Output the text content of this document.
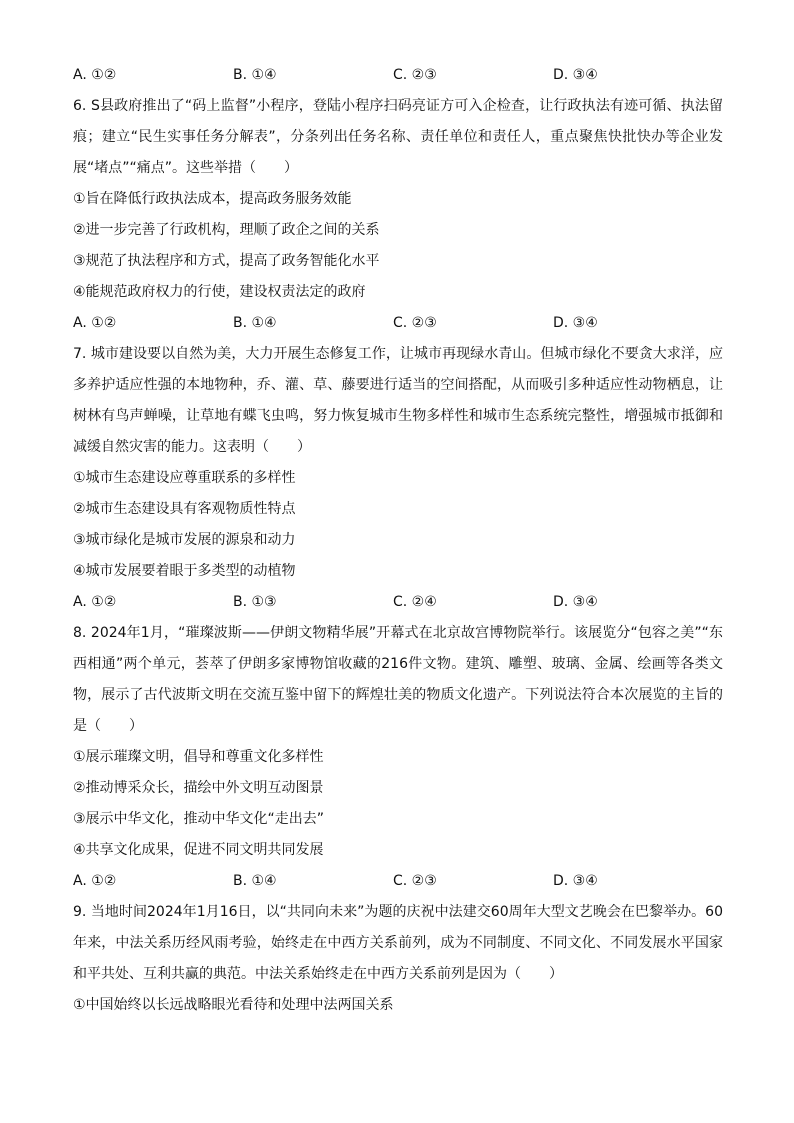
A. ①②	B. ①④	C. ②③	D. ③④
6. S县政府推出了“码上监督”小程序，登陆小程序扫码亮证方可入企检查，让行政执法有迹可循、执法留痕；建立“民生实事任务分解表”，分条列出任务名称、责任单位和责任人，重点聚焦快批快办等企业发展“堵点”“痛点”。这些举措（　　）
①旨在降低行政执法成本，提高政务服务效能
②进一步完善了行政机构，理顺了政企之间的关系
③规范了执法程序和方式，提高了政务智能化水平
④能规范政府权力的行使，建设权责法定的政府
A. ①②	B. ①④	C. ②③	D. ③④
7. 城市建设要以自然为美，大力开展生态修复工作，让城市再现绿水青山。但城市绿化不要贪大求洋，应多养护适应性强的本地物种，乔、灌、草、藤要进行适当的空间搭配，从而吸引多种适应性动物栖息，让树林有鸟声蝉噪，让草地有蝶飞虫鸣，努力恢复城市生物多样性和城市生态系统完整性，增强城市抵御和减缓自然灾害的能力。这表明（　　）
①城市生态建设应尊重联系的多样性
②城市生态建设具有客观物质性特点
③城市绿化是城市发展的源泉和动力
④城市发展要着眼于多类型的动植物
A. ①②	B. ①③	C. ②④	D. ③④
8. 2024年1月，“璀璨波斯——伊朗文物精华展”开幕式在北京故宫博物院举行。该展览分“包容之美”“东西相通”两个单元，荟萃了伊朗多家博物馆收藏的216件文物。建筑、雕塑、玻璃、金属、绘画等各类文物，展示了古代波斯文明在交流互鉴中留下的辉煌壮美的物质文化遗产。下列说法符合本次展览的主旨的是（　　）
①展示璀璨文明，倡导和尊重文化多样性
②推动博采众长，描绘中外文明互动图景
③展示中华文化，推动中华文化“走出去”
④共享文化成果，促进不同文明共同发展
A. ①②	B. ①④	C. ②③	D. ③④
9. 当地时间2024年1月16日，以“共同向未来”为题的庆祝中法建交60周年大型文艺晚会在巴黎举办。60年来，中法关系历经风雨考验，始终走在中西方关系前列，成为不同制度、不同文化、不同发展水平国家和平共处、互利共赢的典范。中法关系始终走在中西方关系前列是因为（　　）
①中国始终以长远战略眼光看待和处理中法两国关系
